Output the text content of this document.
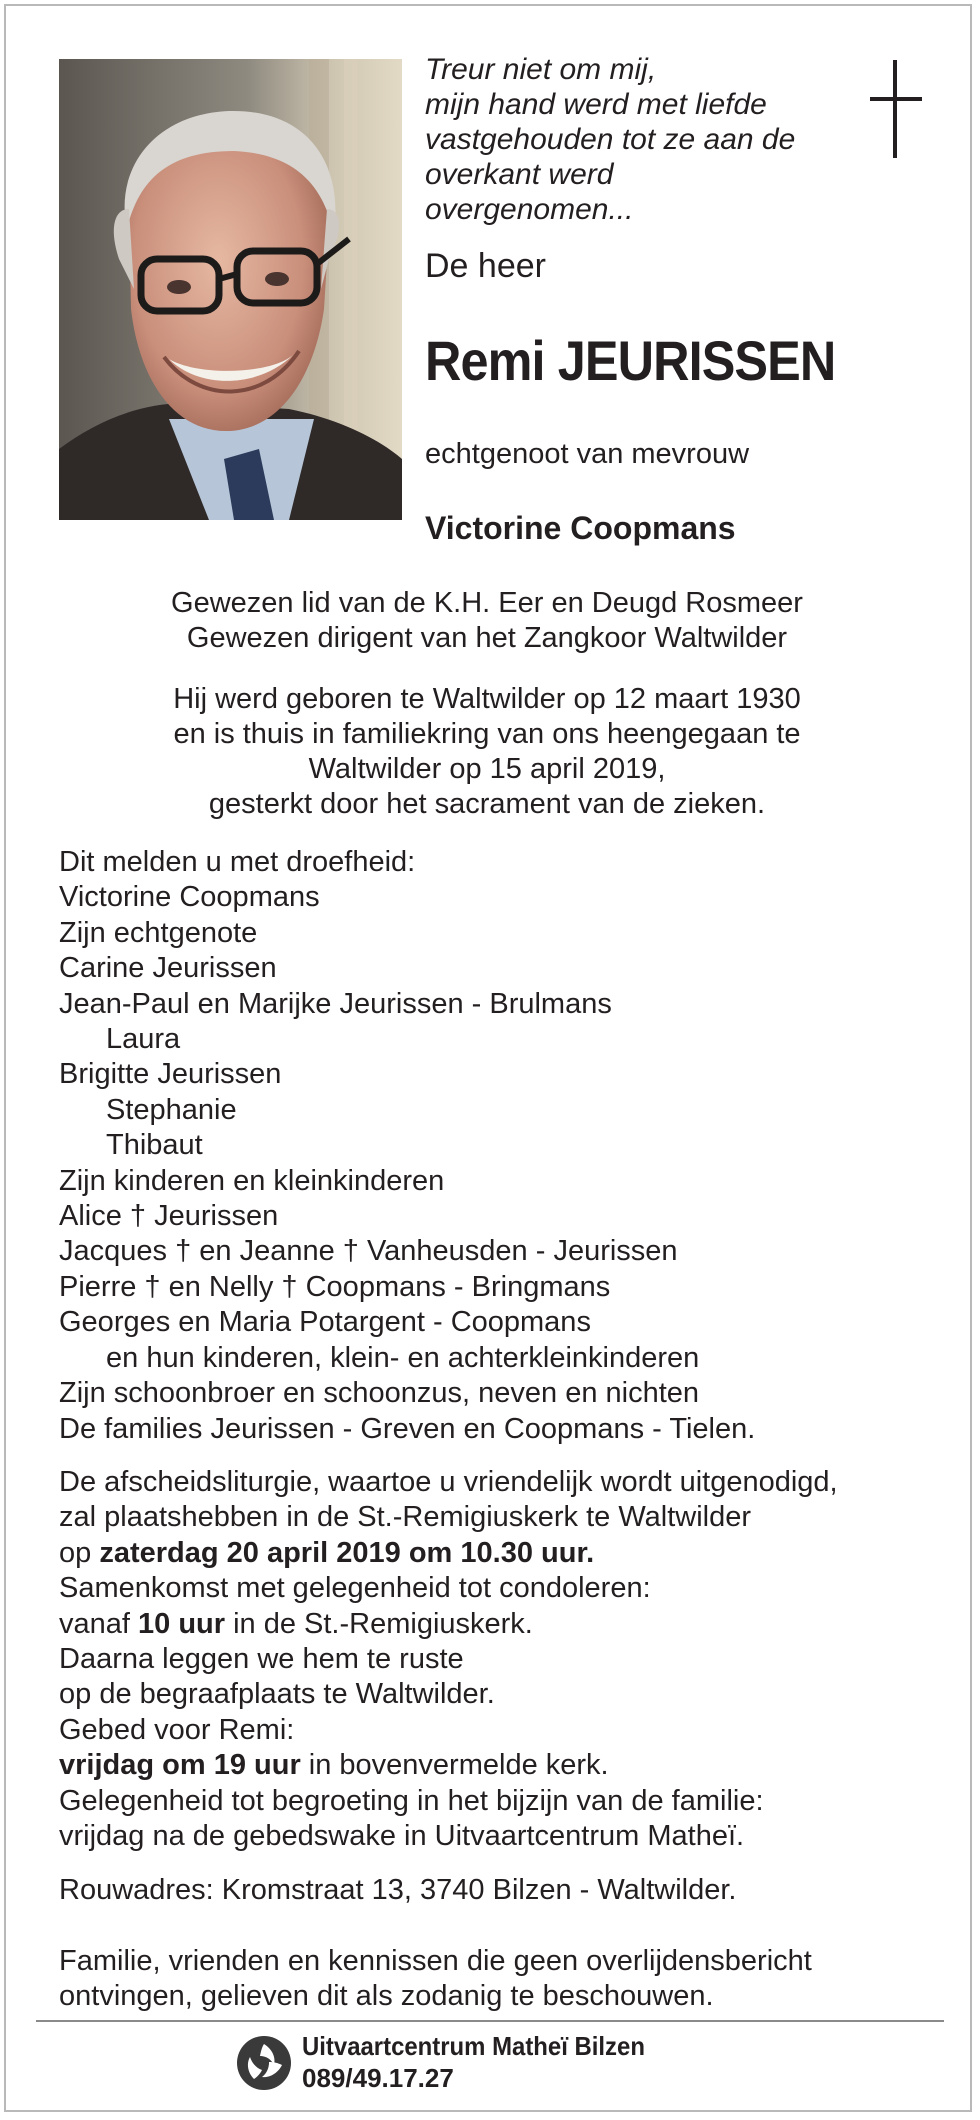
Treur niet om mij,
mijn hand werd met liefde
vastgehouden tot ze aan de
overkant werd
overgenomen...
De heer
Remi JEURISSEN
echtgenoot van mevrouw
Victorine Coopmans
Gewezen lid van de K.H. Eer en Deugd Rosmeer
Gewezen dirigent van het Zangkoor Waltwilder
Hij werd geboren te Waltwilder op 12 maart 1930
en is thuis in familiekring van ons heengegaan te
Waltwilder op 15 april 2019,
gesterkt door het sacrament van de zieken.
Dit melden u met droefheid:
Victorine Coopmans
Zijn echtgenote
Carine Jeurissen
Jean-Paul en Marijke Jeurissen - Brulmans
Laura
Brigitte Jeurissen
Stephanie
Thibaut
Zijn kinderen en kleinkinderen
Alice † Jeurissen
Jacques † en Jeanne † Vanheusden - Jeurissen
Pierre † en Nelly † Coopmans - Bringmans
Georges en Maria Potargent - Coopmans
en hun kinderen, klein- en achterkleinkinderen
Zijn schoonbroer en schoonzus, neven en nichten
De families Jeurissen - Greven en Coopmans - Tielen.
De afscheidsliturgie, waartoe u vriendelijk wordt uitgenodigd,
zal plaatshebben in de St.-Remigiuskerk te Waltwilder
op zaterdag 20 april 2019 om 10.30 uur.
Samenkomst met gelegenheid tot condoleren:
vanaf 10 uur in de St.-Remigiuskerk.
Daarna leggen we hem te ruste
op de begraafplaats te Waltwilder.
Gebed voor Remi:
vrijdag om 19 uur in bovenvermelde kerk.
Gelegenheid tot begroeting in het bijzijn van de familie:
vrijdag na de gebedswake in Uitvaartcentrum Matheï.
Rouwadres: Kromstraat 13, 3740 Bilzen - Waltwilder.
Familie, vrienden en kennissen die geen overlijdensbericht
ontvingen, gelieven dit als zodanig te beschouwen.
Uitvaartcentrum Matheï Bilzen
089/49.17.27
